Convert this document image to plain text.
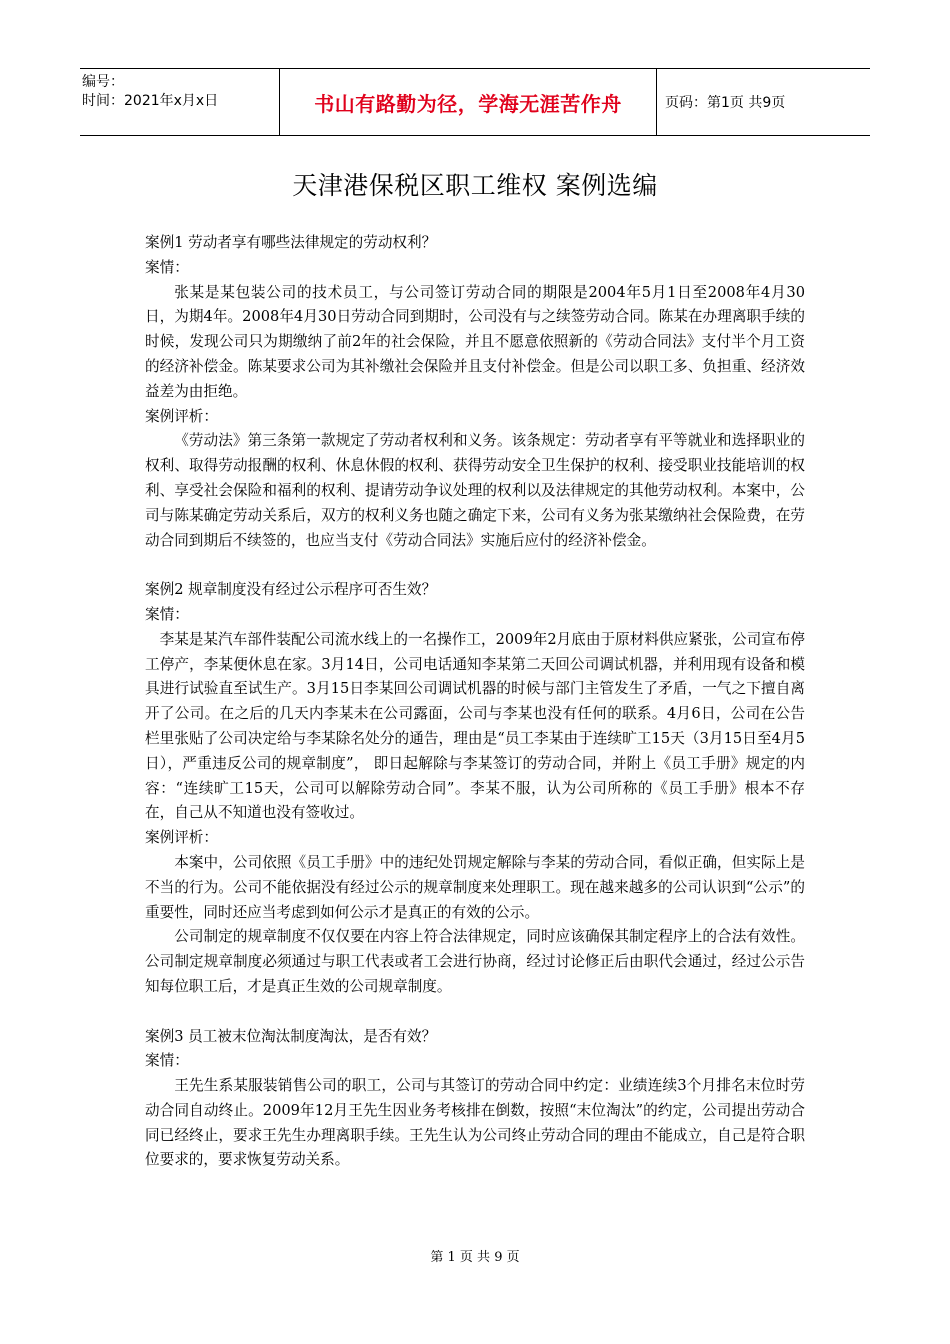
编号：
时间：2021年x月x日	书山有路勤为径，学海无涯苦作舟	页码：第1页 共9页
天津港保税区职工维权 案例选编

案例1 劳动者享有哪些法律规定的劳动权利？

案情：

张某是某包装公司的技术员工，与公司签订劳动合同的期限是2004年5月1日至2008年4月30日，为期4年。2008年4月30日劳动合同到期时，公司没有与之续签劳动合同。陈某在办理离职手续的时候，发现公司只为期缴纳了前2年的社会保险，并且不愿意依照新的《劳动合同法》支付半个月工资的经济补偿金。陈某要求公司为其补缴社会保险并且支付补偿金。但是公司以职工多、负担重、经济效益差为由拒绝。

案例评析：

《劳动法》第三条第一款规定了劳动者权利和义务。该条规定：劳动者享有平等就业和选择职业的权利、取得劳动报酬的权利、休息休假的权利、获得劳动安全卫生保护的权利、接受职业技能培训的权利、享受社会保险和福利的权利、提请劳动争议处理的权利以及法律规定的其他劳动权利。本案中，公司与陈某确定劳动关系后，双方的权利义务也随之确定下来，公司有义务为张某缴纳社会保险费，在劳动合同到期后不续签的，也应当支付《劳动合同法》实施后应付的经济补偿金。

案例2 规章制度没有经过公示程序可否生效？

案情：

李某是某汽车部件装配公司流水线上的一名操作工，2009年2月底由于原材料供应紧张，公司宣布停工停产，李某便休息在家。3月14日，公司电话通知李某第二天回公司调试机器，并利用现有设备和模具进行试验直至试生产。3月15日李某回公司调试机器的时候与部门主管发生了矛盾，一气之下擅自离开了公司。在之后的几天内李某未在公司露面，公司与李某也没有任何的联系。4月6日，公司在公告栏里张贴了公司决定给与李某除名处分的通告，理由是“员工李某由于连续旷工15天（3月15日至4月5日），严重违反公司的规章制度”， 即日起解除与李某签订的劳动合同，并附上《员工手册》规定的内容：“连续旷工15天，公司可以解除劳动合同”。李某不服，认为公司所称的《员工手册》根本不存在，自己从不知道也没有签收过。

案例评析：

本案中，公司依照《员工手册》中的违纪处罚规定解除与李某的劳动合同，看似正确，但实际上是不当的行为。公司不能依据没有经过公示的规章制度来处理职工。现在越来越多的公司认识到“公示”的重要性，同时还应当考虑到如何公示才是真正的有效的公示。

公司制定的规章制度不仅仅要在内容上符合法律规定，同时应该确保其制定程序上的合法有效性。公司制定规章制度必须通过与职工代表或者工会进行协商，经过讨论修正后由职代会通过，经过公示告知每位职工后，才是真正生效的公司规章制度。

案例3 员工被末位淘汰制度淘汰，是否有效？

案情：

王先生系某服装销售公司的职工，公司与其签订的劳动合同中约定：业绩连续3个月排名末位时劳动合同自动终止。2009年12月王先生因业务考核排在倒数，按照“末位淘汰”的约定，公司提出劳动合同已经终止，要求王先生办理离职手续。王先生认为公司终止劳动合同的理由不能成立，自己是符合职位要求的，要求恢复劳动关系。

第 1 页 共 9 页
